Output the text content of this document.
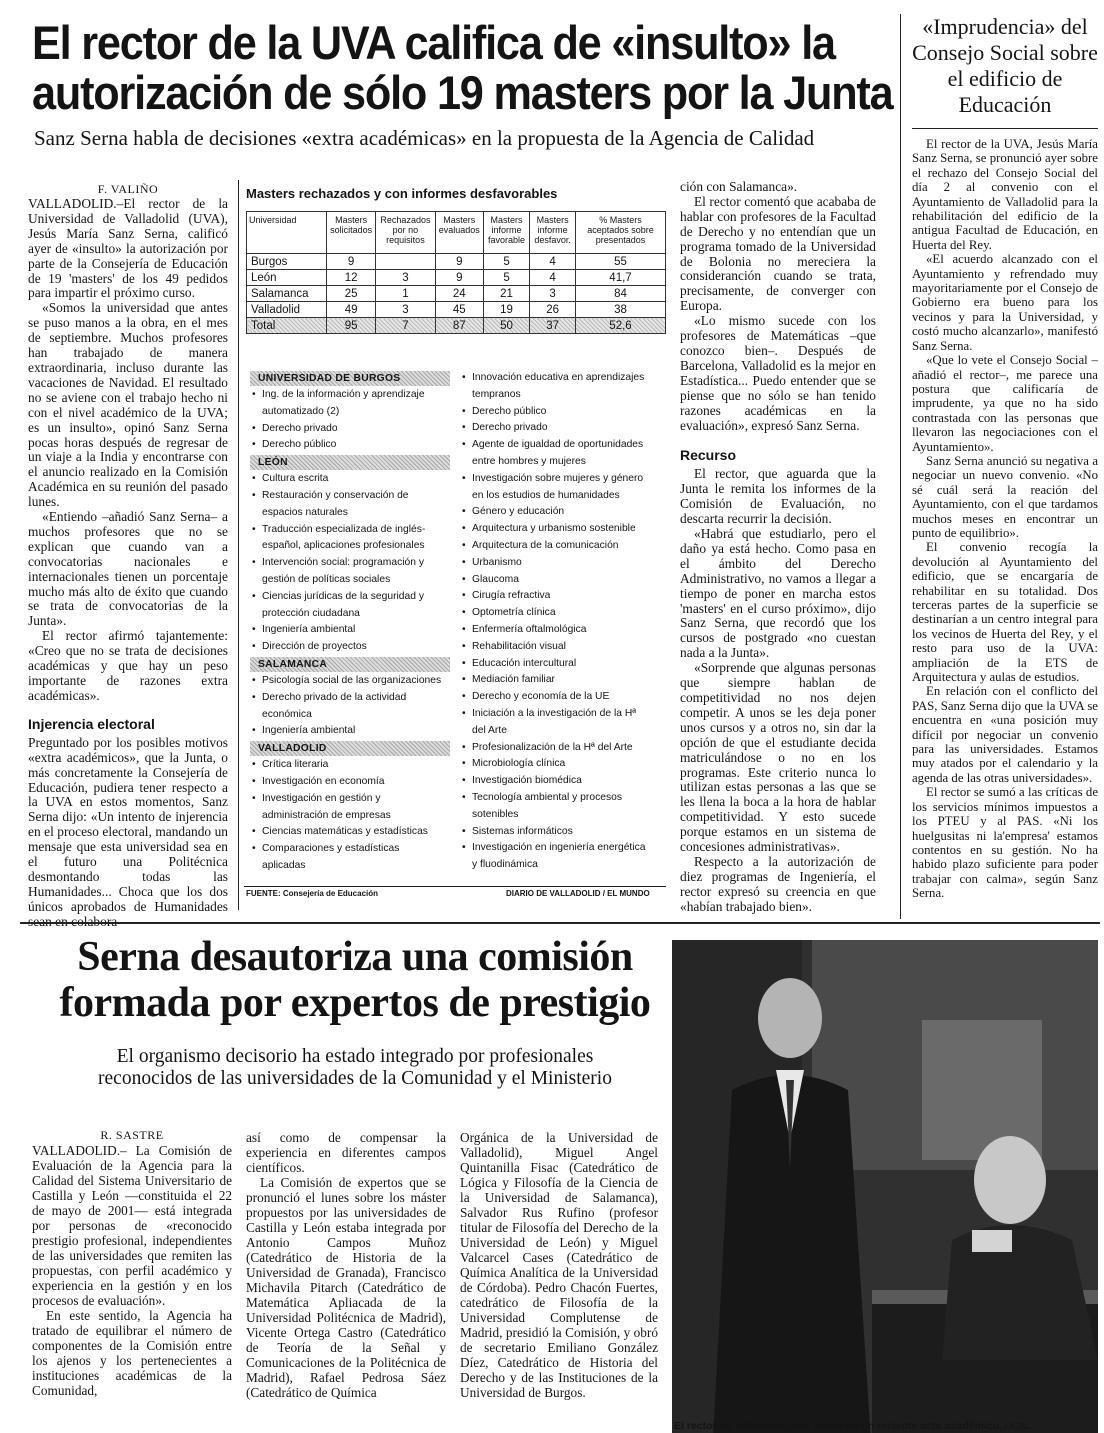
El rector de la UVA califica de «insulto» la
autorización de sólo 19 masters por la Junta
Sanz Serna habla de decisiones «extra académicas» en la propuesta de la Agencia de Calidad
F. VALIÑO

VALLADOLID.–El rector de la Universidad de Valladolid (UVA), Jesús María Sanz Serna, calificó ayer de «insulto» la autorización por parte de la Consejería de Educación de 19 'masters' de los 49 pedidos para impartir el próximo curso.

«Somos la universidad que antes se puso manos a la obra, en el mes de septiembre. Muchos profesores han trabajado de manera extraordinaria, incluso durante las vacaciones de Navidad. El resultado no se aviene con el trabajo hecho ni con el nivel académico de la UVA; es un insulto», opinó Sanz Serna pocas horas después de regresar de un viaje a la India y encontrarse con el anuncio realizado en la Comisión Académica en su reunión del pasado lunes.

«Entiendo –añadió Sanz Serna– a muchos profesores que no se explican que cuando van a convocatorias nacionales e internacionales tienen un porcentaje mucho más alto de éxito que cuando se trata de convocatorias de la Junta».

El rector afirmó tajantemente: «Creo que no se trata de decisiones académicas y que hay un peso importante de razones extra académicas».

Injerencia electoral

Preguntado por los posibles motivos «extra académicos», que la Junta, o más concretamente la Consejería de Educación, pudiera tener respecto a la UVA en estos momentos, Sanz Serna dijo: «Un intento de injerencia en el proceso electoral, mandando un mensaje que esta universidad sea en el futuro una Politécnica desmontando todas las Humanidades... Choca que los dos únicos aprobados de Humanidades

Masters rechazados y con informes desfavorables
Universidad	Masters solicitados	Rechazados por no requisitos	Masters evaluados	Masters informe favorable	Masters informe desfavor.	% Masters aceptados sobre presentados
Burgos	9		9	5	4	55
León	12	3	9	5	4	41,7
Salamanca	25	1	24	21	3	84
Valladolid	49	3	45	19	26	38
Total	95	7	87	50	37	52,6
UNIVERSIDAD DE BURGOS
• Ing. de la información y aprendizaje
automatizado (2)
• Derecho privado
• Derecho público
LEÓN
• Cultura escrita
• Restauración y conservación de
espacios naturales
• Traducción especializada de inglés-
español, aplicaciones profesionales
• Intervención social: programación y
gestión de políticas sociales
• Ciencias jurídicas de la seguridad y
protección ciudadana
• Ingeniería ambiental
• Dirección de proyectos
SALAMANCA
• Psicología social de las organizaciones
• Derecho privado de la actividad
económica
• Ingeniería ambiental
VALLADOLID
• Crítica literaria
• Investigación en economía
• Investigación en gestión y
administración de empresas
• Ciencias matemáticas y estadísticas
• Comparaciones y estadísticas
aplicadas
• Innovación educativa en aprendizajes
tempranos
• Derecho público
• Derecho privado
• Agente de igualdad de oportunidades
entre hombres y mujeres
• Investigación sobre mujeres y género
en los estudios de humanidades
• Género y educación
• Arquitectura y urbanismo sostenible
• Arquitectura de la comunicación
• Urbanismo
• Glaucoma
• Cirugía refractiva
• Optometría clínica
• Enfermería oftalmológica
• Rehabilitación visual
• Educación intercultural
• Mediación familiar
• Derecho y economía de la UE
• Iniciación a la investigación de la Hª
del Arte
• Profesionalización de la Hª del Arte
• Microbiología clínica
• Investigación biomédica
• Tecnología ambiental y procesos
sotenibles
• Sistemas informáticos
• Investigación en ingeniería energética
y fluodinámica
FUENTE: Consejería de Educación	DIARIO DE VALLADOLID / EL MUNDO

ción con Salamanca».

El rector comentó que acababa de hablar con profesores de la Facultad de Derecho y no entendían que un programa tomado de la Universidad de Bolonia no mereciera la consideranción cuando se trata, precisamente, de converger con Europa.

«Lo mismo sucede con los profesores de Matemáticas –que conozco bien–. Después de Barcelona, Valladolid es la mejor en Estadística... Puedo entender que se piense que no sólo se han tenido razones académicas en la evaluación», expresó Sanz Serna.

Recurso

El rector, que aguarda que la Junta le remita los informes de la Comisión de Evaluación, no descarta recurrir la decisión.

«Habrá que estudiarlo, pero el daño ya está hecho. Como pasa en el ámbito del Derecho Administrativo, no vamos a llegar a tiempo de poner en marcha estos 'masters' en el curso próximo», dijo Sanz Serna, que recordó que los cursos de postgrado «no cuestan nada a la Junta».

«Sorprende que algunas personas que siempre hablan de competitividad no nos dejen competir. A unos se les deja poner unos cursos y a otros no, sin dar la opción de que el estudiante decida matriculándose o no en los programas. Este criterio nunca lo utilizan estas personas a las que se les llena la boca a la hora de hablar competitividad. Y esto sucede porque estamos en un sistema de concesiones administrativas».

Respecto a la autorización de diez programas de Ingeniería, el rector expresó su creencia en que «habían trabajado bien».

«Imprudencia» del Consejo Social sobre el edificio de Educación

El rector de la UVA, Jesús María Sanz Serna, se pronunció ayer sobre el rechazo del Consejo Social del día 2 al convenio con el Ayuntamiento de Valladolid para la rehabilitación del edificio de la antigua Facultad de Educación, en Huerta del Rey.

«El acuerdo alcanzado con el Ayuntamiento y refrendado muy mayoritariamente por el Consejo de Gobierno era bueno para los vecinos y para la Universidad, y costó mucho alcanzarlo», manifestó Sanz Serna.

«Que lo vete el Consejo Social –añadió el rector–, me parece una postura que calificaría de imprudente, ya que no ha sido contrastada con las personas que llevaron las negociaciones con el Ayuntamiento».

Sanz Serna anunció su negativa a negociar un nuevo convenio. «No sé cuál será la reación del Ayuntamiento, con el que tardamos muchos meses en encontrar un punto de equilibrio».

El convenio recogía la devolución al Ayuntamiento del edificio, que se encargaría de rehabilitar en su totalidad. Dos terceras partes de la superficie se destinarían a un centro integral para los vecinos de Huerta del Rey, y el resto para uso de la UVA: ampliación de la ETS de Arquitectura y aulas de estudios.

En relación con el conflicto del PAS, Sanz Serna dijo que la UVA se encuentra en «una posición muy difícil por negociar un convenio para las universidades. Estamos muy atados por el calendario y la agenda de las otras universidades».

El rector se sumó a las críticas de los servicios mínimos impuestos a los PTEU y al PAS. «Ni los huelgusitas ni la'empresa' estamos contentos en su gestión. No ha habido plazo suficiente para poder trabajar con calma», según Sanz Serna.

Serna desautoriza una comisión
formada por expertos de prestigio
El organismo decisorio ha estado integrado por profesionales
reconocidos de las universidades de la Comunidad y el Ministerio
R. SASTRE

VALLADOLID.– La Comisión de Evaluación de la Agencia para la Calidad del Sistema Universitario de Castilla y León —constituida el 22 de mayo de 2001— está integrada por personas de «reconocido prestigio profesional, independientes de las universidades que remiten las propuestas, con perfil académico y experiencia en la gestión y en los procesos de evaluación».

En este sentido, la Agencia ha tratado de equilibrar el número de componentes de la Comisión entre los ajenos y los pertenecientes a instituciones académicas de la Comunidad,

así como de compensar la experiencia en diferentes campos científicos.

La Comisión de expertos que se pronunció el lunes sobre los máster propuestos por las universidades de Castilla y León estaba integrada por Antonio Campos Muñoz (Catedrático de Historia de la Universidad de Granada), Francisco Michavila Pitarch (Catedrático de Matemática Apliacada de la Universidad Politécnica de Madrid), Vicente Ortega Castro (Catedrático de Teoría de la Señal y Comunicaciones de la Politécnica de Madrid), Rafael Pedrosa Sáez (Catedrático de Química

Orgánica de la Universidad de Valladolid), Miguel Angel Quintanilla Fisac (Catedrático de Lógica y Filosofía de la Ciencia de la Universidad de Salamanca), Salvador Rus Rufino (profesor titular de Filosofía del Derecho de la Universidad de León) y Miguel Valcarcel Cases (Catedrático de Química Analítica de la Universidad de Córdoba). Pedro Chacón Fuertes, catedrático de Filosofía de la Universidad Complutense de Madrid, presidió la Comisión, y obró de secretario Emiliano González Díez, Catedrático de Historia del Derecho y de las Instituciones de la Universidad de Burgos.

El rector de Valladolid Sanz Serna en un reciente acto académico. / ICAL
